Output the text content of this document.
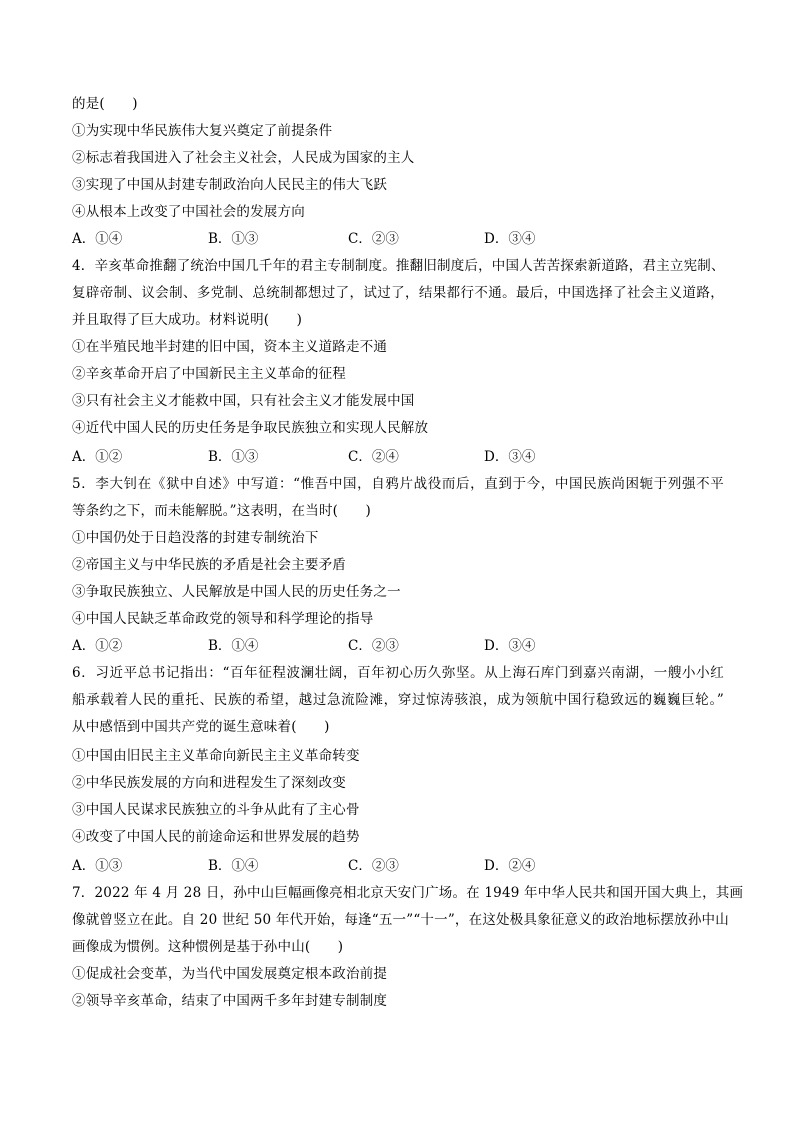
的是(　　)
①为实现中华民族伟大复兴奠定了前提条件
②标志着我国进入了社会主义社会，人民成为国家的主人
③实现了中国从封建专制政治向人民民主的伟大飞跃
④从根本上改变了中国社会的发展方向
A．①④	B．①③	C．②③	D．③④
4．辛亥革命推翻了统治中国几千年的君主专制制度。推翻旧制度后，中国人苦苦探索新道路，君主立宪制、
复辟帝制、议会制、多党制、总统制都想过了，试过了，结果都行不通。最后，中国选择了社会主义道路，
并且取得了巨大成功。材料说明(　　)
①在半殖民地半封建的旧中国，资本主义道路走不通
②辛亥革命开启了中国新民主主义革命的征程
③只有社会主义才能救中国，只有社会主义才能发展中国
④近代中国人民的历史任务是争取民族独立和实现人民解放
A．①②	B．①③	C．②④	D．③④
5．李大钊在《狱中自述》中写道：“惟吾中国，自鸦片战役而后，直到于今，中国民族尚困轭于列强不平
等条约之下，而未能解脱。”这表明，在当时(　　)
①中国仍处于日趋没落的封建专制统治下
②帝国主义与中华民族的矛盾是社会主要矛盾
③争取民族独立、人民解放是中国人民的历史任务之一
④中国人民缺乏革命政党的领导和科学理论的指导
A．①②	B．①④	C．②③	D．③④
6．习近平总书记指出：“百年征程波澜壮阔，百年初心历久弥坚。从上海石库门到嘉兴南湖，一艘小小红
船承载着人民的重托、民族的希望，越过急流险滩，穿过惊涛骇浪，成为领航中国行稳致远的巍巍巨轮。”
从中感悟到中国共产党的诞生意味着(　　)
①中国由旧民主主义革命向新民主主义革命转变
②中华民族发展的方向和进程发生了深刻改变
③中国人民谋求民族独立的斗争从此有了主心骨
④改变了中国人民的前途命运和世界发展的趋势
A．①③	B．①④	C．②③	D．②④
7．2022 年 4 月 28 日，孙中山巨幅画像亮相北京天安门广场。在 1949 年中华人民共和国开国大典上，其画
像就曾竖立在此。自 20 世纪 50 年代开始，每逢“五一”“十一”，在这处极具象征意义的政治地标摆放孙中山
画像成为惯例。这种惯例是基于孙中山(　　)
①促成社会变革，为当代中国发展奠定根本政治前提
②领导辛亥革命，结束了中国两千多年封建专制制度
